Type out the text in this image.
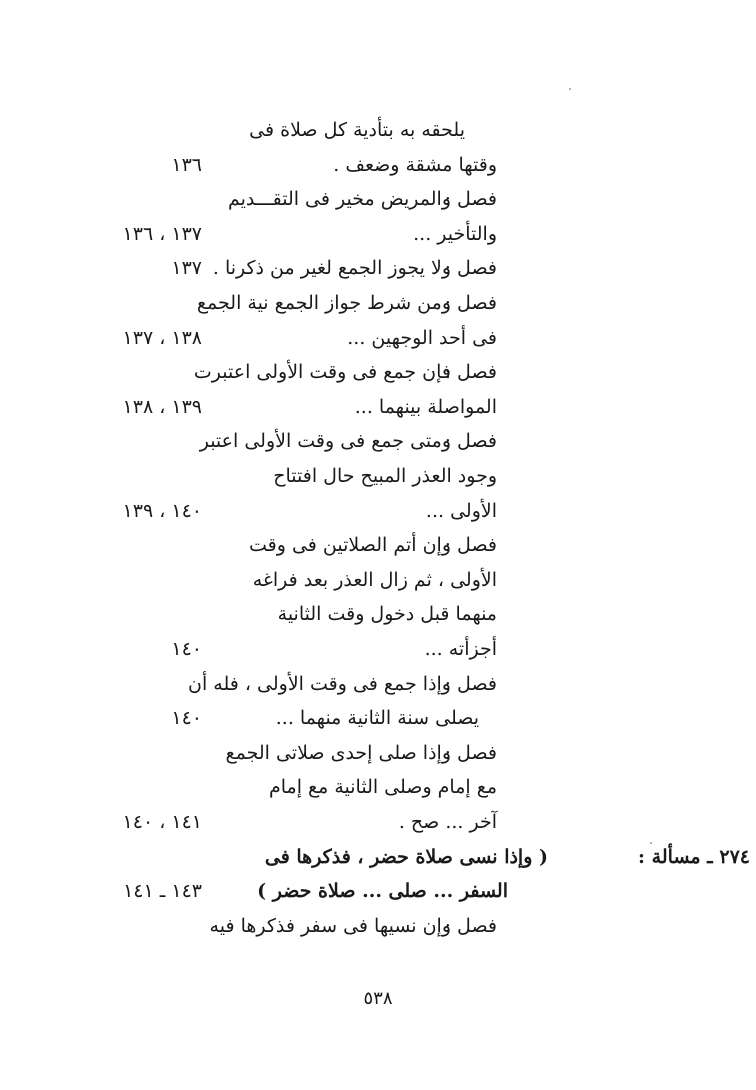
يلحقه به بتأدية كل صلاة فى
وقتها مشقة وضعف .
فصل :
والمريض مخير فى التقـــديم
والتأخير ...
فصل :
ولا يجوز الجمع لغير من ذكرنا .
فصل :
ومن شرط جواز الجمع نية الجمع
فى أحد الوجهين ...
فصل :
فإن جمع فى وقت الأولى اعتبرت
المواصلة بينهما ...
فصل :
ومتى جمع فى وقت الأولى اعتبر
وجود العذر المبيح حال افتتاح
الأولى ...
فصل :
وإن أتم الصلاتين فى وقت
الأولى ، ثم زال العذر بعد فراغه
منهما قبل دخول وقت الثانية
أجزأته ...
فصل :
وإذا جمع فى وقت الأولى ، فله أن
يصلى سنة الثانية منهما ...
فصل :
وإذا صلى إحدى صلاتى الجمع
مع إمام وصلى الثانية مع إمام
آخر ... صح .
٢٧٤ ـ مسألة :
( وإذا نسى صلاة حضر ، فذكرها فى
السفر ... صلى ... صلاة حضر )
فصل :
وإن نسيها فى سفر فذكرها فيه
١٣٦
١٣٧ ، ١٣٦
١٣٧
١٣٨ ، ١٣٧
١٣٩ ، ١٣٨
١٤٠ ، ١٣٩
١٤٠
١٤٠
١٤١ ، ١٤٠
١٤٣ ـ ١٤١
٥٣٨
